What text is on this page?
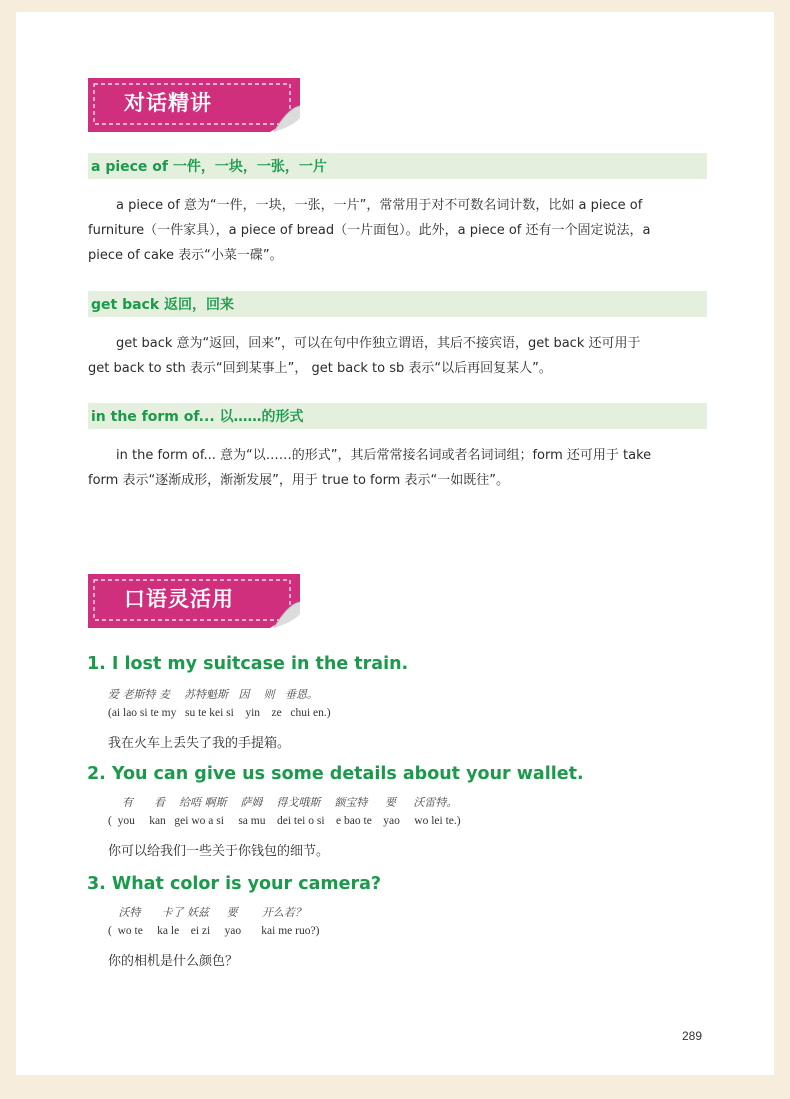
对话精讲
a piece of 一件，一块，一张，一片
a piece of 意为“一件，一块，一张，一片”，常常用于对不可数名词计数，比如 a piece of
furniture（一件家具），a piece of bread（一片面包）。此外，a piece of 还有一个固定说法，a
piece of cake 表示“小菜一碟”。
get back 返回，回来
get back 意为“返回，回来”，可以在句中作独立谓语，其后不接宾语，get back 还可用于
get back to sth 表示“回到某事上”， get back to sb 表示“以后再回复某人”。
in the form of... 以……的形式
in the form of... 意为“以……的形式”，其后常常接名词或者名词词组；form 还可用于 take
form 表示“逐渐成形，渐渐发展”，用于 true to form 表示“一如既往”。
口语灵活用
1. I lost my suitcase in the train.
爱 老斯特 麦    苏特魁斯   因    则   垂恩。
(ai lao si te my   su te kei si    yin    ze   chui en.)
我在火车上丢失了我的手提箱。
2. You can give us some details about your wallet.
有      看    给唔 啊斯    萨姆    得戈哦斯    额宝特     要     沃雷特。
(  you     kan   gei wo a si     sa mu    dei tei o si    e bao te    yao     wo lei te.)
你可以给我们一些关于你钱包的细节。
3. What color is your camera?
沃特      卡了 妖兹     要       开么若？
(  wo te     ka le    ei zi     yao       kai me ruo?)
你的相机是什么颜色？
289
